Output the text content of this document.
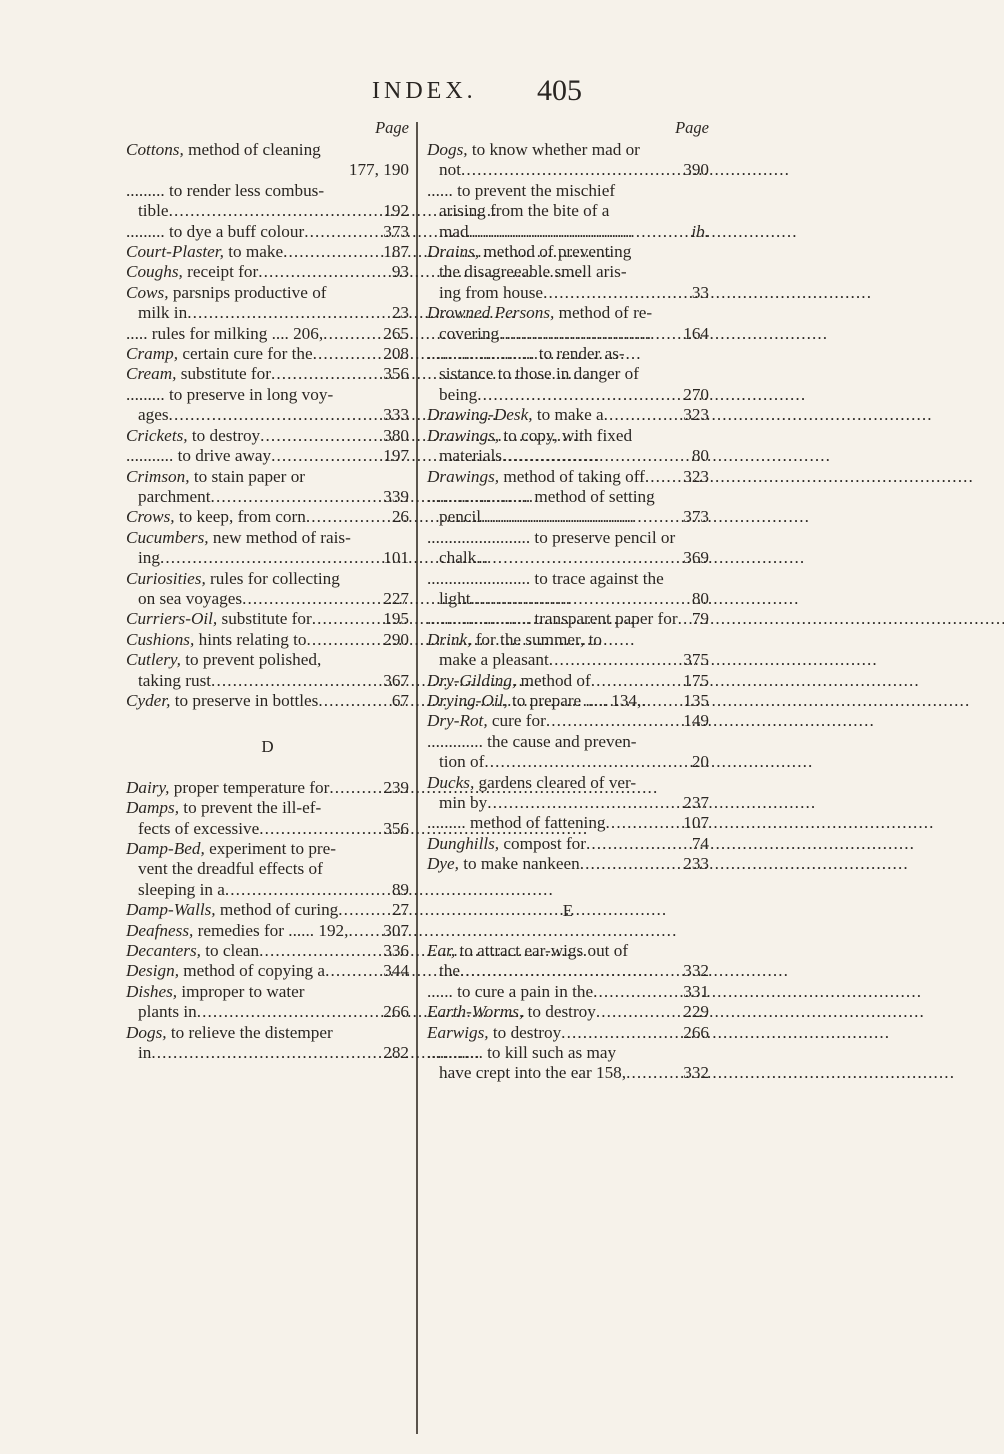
INDEX. 405
Page
Cottons, method of cleaning
177, 190
......... to render less combus-
tible . . .	192
......... to dye a buff colour . . .	373
Court-Plaster, to make . . .	187
Coughs, receipt for . . .	93
Cows, parsnips productive of
milk in . . .	23
..... rules for milking .... 206, . . .	265
Cramp, certain cure for the . . .	208
Cream, substitute for . . .	356
......... to preserve in long voy-
ages . . .	333
Crickets, to destroy . . .	380
........... to drive away . . .	197
Crimson, to stain paper or
parchment . . .	339
Crows, to keep, from corn . . .	26
Cucumbers, new method of rais-
ing . . .	101
Curiosities, rules for collecting
on sea voyages . . .	227
Curriers-Oil, substitute for . . .	195
Cushions, hints relating to . . .	290
Cutlery, to prevent polished,
taking rust . . .	367
Cyder, to preserve in bottles . . .	67
D
Dairy, proper temperature for . . .	239
Damps, to prevent the ill-ef-
fects of excessive . . .	356
Damp-Bed, experiment to pre-
vent the dreadful effects of
sleeping in a . . .	89
Damp-Walls, method of curing . . .	27
Deafness, remedies for ...... 192, . . . 307
Decanters, to clean . . .	336
Design, method of copying a . . .	344
Dishes, improper to water
plants in . . .	266
Dogs, to relieve the distemper
in . . .	282
Page
Dogs, to know whether mad or
not . . .	390
...... to prevent the mischief
arising from the bite of a
mad . . .	ib.
Drains, method of preventing
the disagreeable smell aris-
ing from house . . .	33
Drowned Persons, method of re-
covering . . .	164
......................... to render as-
sistance to those in danger of
being . . .	270
Drawing-Desk, to make a . . .	323
Drawings, to copy, with fixed
materials . . .	80
Drawings, method of taking off . . . 323
........................ method of setting
pencil . . .	373
........................ to preserve pencil or
chalk . . .	369
........................ to trace against the
light . . .	80
........................ transparent paper for . . . 79
Drink, for the summer, to
make a pleasant . . .	375
Dry-Gilding, method of . . .	175
Drying-Oil, to prepare ..... 134, . . . 135
Dry-Rot, cure for . . .	149
............. the cause and preven-
tion of . . .	20
Ducks, gardens cleared of ver-
min by . . .	237
......... method of fattening . . .	107
Dunghills, compost for . . .	74
Dye, to make nankeen . . .	233
E
Ear, to attract ear-wigs out of
the . . .	332
...... to cure a pain in the . . .	331
Earth-Worms, to destroy . . .	229
Earwigs, to destroy . . .	266
............. to kill such as may
have crept into the ear 158, . . .	332
